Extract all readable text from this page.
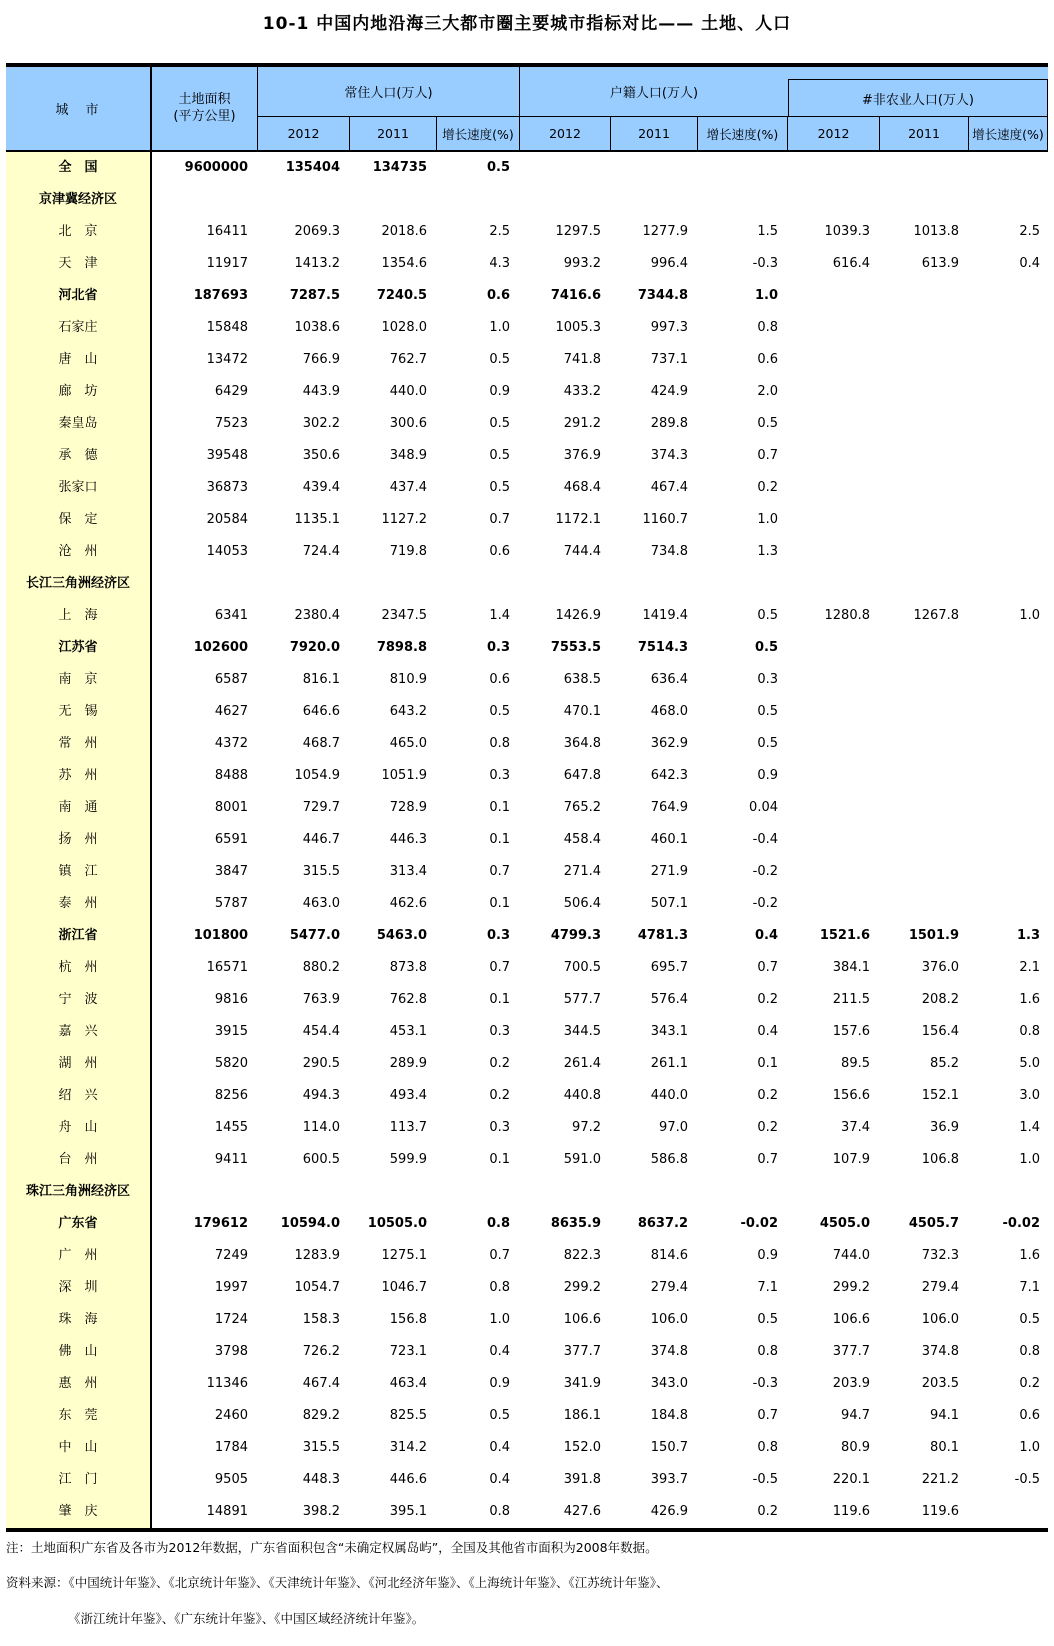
10-1 中国内地沿海三大都市圈主要城市指标对比—— 土地、人口
城　市
土地面积
(平方公里)
常住人口(万人)	户籍人口(万人)	#非农业人口(万人)
2012	2011	增长速度(%)	2012	2011	增长速度(%)	2012	2011	增长速度(%)
全　国	9600000	135404	134735	0.5
京津冀经济区
北　京	16411	2069.3	2018.6	2.5	1297.5	1277.9	1.5	1039.3	1013.8	2.5
天　津	11917	1413.2	1354.6	4.3	993.2	996.4	-0.3	616.4	613.9	0.4
河北省	187693	7287.5	7240.5	0.6	7416.6	7344.8	1.0
石家庄	15848	1038.6	1028.0	1.0	1005.3	997.3	0.8
唐　山	13472	766.9	762.7	0.5	741.8	737.1	0.6
廊　坊	6429	443.9	440.0	0.9	433.2	424.9	2.0
秦皇岛	7523	302.2	300.6	0.5	291.2	289.8	0.5
承　德	39548	350.6	348.9	0.5	376.9	374.3	0.7
张家口	36873	439.4	437.4	0.5	468.4	467.4	0.2
保　定	20584	1135.1	1127.2	0.7	1172.1	1160.7	1.0
沧　州	14053	724.4	719.8	0.6	744.4	734.8	1.3
长江三角洲经济区
上　海	6341	2380.4	2347.5	1.4	1426.9	1419.4	0.5	1280.8	1267.8	1.0
江苏省	102600	7920.0	7898.8	0.3	7553.5	7514.3	0.5
南　京	6587	816.1	810.9	0.6	638.5	636.4	0.3
无　锡	4627	646.6	643.2	0.5	470.1	468.0	0.5
常　州	4372	468.7	465.0	0.8	364.8	362.9	0.5
苏　州	8488	1054.9	1051.9	0.3	647.8	642.3	0.9
南　通	8001	729.7	728.9	0.1	765.2	764.9	0.04
扬　州	6591	446.7	446.3	0.1	458.4	460.1	-0.4
镇　江	3847	315.5	313.4	0.7	271.4	271.9	-0.2
泰　州	5787	463.0	462.6	0.1	506.4	507.1	-0.2
浙江省	101800	5477.0	5463.0	0.3	4799.3	4781.3	0.4	1521.6	1501.9	1.3
杭　州	16571	880.2	873.8	0.7	700.5	695.7	0.7	384.1	376.0	2.1
宁　波	9816	763.9	762.8	0.1	577.7	576.4	0.2	211.5	208.2	1.6
嘉　兴	3915	454.4	453.1	0.3	344.5	343.1	0.4	157.6	156.4	0.8
湖　州	5820	290.5	289.9	0.2	261.4	261.1	0.1	89.5	85.2	5.0
绍　兴	8256	494.3	493.4	0.2	440.8	440.0	0.2	156.6	152.1	3.0
舟　山	1455	114.0	113.7	0.3	97.2	97.0	0.2	37.4	36.9	1.4
台　州	9411	600.5	599.9	0.1	591.0	586.8	0.7	107.9	106.8	1.0
珠江三角洲经济区
广东省	179612	10594.0	10505.0	0.8	8635.9	8637.2	-0.02	4505.0	4505.7	-0.02
广　州	7249	1283.9	1275.1	0.7	822.3	814.6	0.9	744.0	732.3	1.6
深　圳	1997	1054.7	1046.7	0.8	299.2	279.4	7.1	299.2	279.4	7.1
珠　海	1724	158.3	156.8	1.0	106.6	106.0	0.5	106.6	106.0	0.5
佛　山	3798	726.2	723.1	0.4	377.7	374.8	0.8	377.7	374.8	0.8
惠　州	11346	467.4	463.4	0.9	341.9	343.0	-0.3	203.9	203.5	0.2
东　莞	2460	829.2	825.5	0.5	186.1	184.8	0.7	94.7	94.1	0.6
中　山	1784	315.5	314.2	0.4	152.0	150.7	0.8	80.9	80.1	1.0
江　门	9505	448.3	446.6	0.4	391.8	393.7	-0.5	220.1	221.2	-0.5
肇　庆	14891	398.2	395.1	0.8	427.6	426.9	0.2	119.6	119.6
注：土地面积广东省及各市为2012年数据，广东省面积包含“未确定权属岛屿”，全国及其他省市面积为2008年数据。
资料来源：《中国统计年鉴》、《北京统计年鉴》、《天津统计年鉴》、《河北经济年鉴》、《上海统计年鉴》、《江苏统计年鉴》、
《浙江统计年鉴》、《广东统计年鉴》、《中国区域经济统计年鉴》。
